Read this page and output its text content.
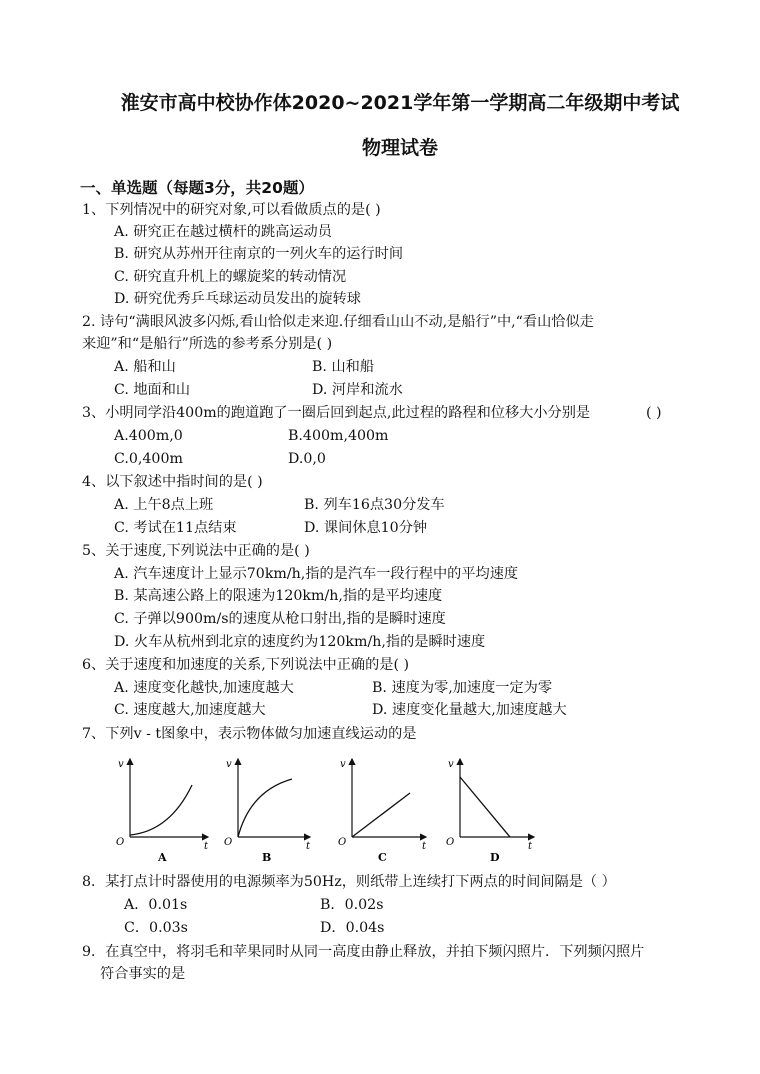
淮安市高中校协作体2020~2021学年第一学期高二年级期中考试
物理试卷
一、单选题（每题3分，共20题）
1、下列情况中的研究对象,可以看做质点的是( )
A. 研究正在越过横杆的跳高运动员
B. 研究从苏州开往南京的一列火车的运行时间
C. 研究直升机上的螺旋桨的转动情况
D. 研究优秀乒乓球运动员发出的旋转球
2. 诗句“满眼风波多闪烁,看山恰似走来迎.仔细看山山不动,是船行”中,“看山恰似走
来迎”和“是船行”所选的参考系分别是( )
A. 船和山	B. 山和船
C. 地面和山	D. 河岸和流水
3、小明同学沿400m的跑道跑了一圈后回到起点,此过程的路程和位移大小分别是	( )
A.400m,0	B.400m,400m
C.0,400m	D.0,0
4、以下叙述中指时间的是( )
A. 上午8点上班	B. 列车16点30分发车
C. 考试在11点结束	D. 课间休息10分钟
5、关于速度,下列说法中正确的是( )
A. 汽车速度计上显示70km/h,指的是汽车一段行程中的平均速度
B. 某高速公路上的限速为120km/h,指的是平均速度
C. 子弹以900m/s的速度从枪口射出,指的是瞬时速度
D. 火车从杭州到北京的速度约为120km/h,指的是瞬时速度
6、关于速度和加速度的关系,下列说法中正确的是( )
A. 速度变化越快,加速度越大	B. 速度为零,加速度一定为零
C. 速度越大,加速度越大	D. 速度变化量越大,加速度越大
7、下列v - t图象中，表示物体做匀加速直线运动的是
v
O	t
A
v
O	t
B
v
O	t
C
v
O	t
D
8．某打点计时器使用的电源频率为50Hz，则纸带上连续打下两点的时间间隔是（ ）
A．0.01s	B．0.02s
C．0.03s	D．0.04s
9．在真空中，将羽毛和苹果同时从同一高度由静止释放，并拍下频闪照片．下列频闪照片
符合事实的是
